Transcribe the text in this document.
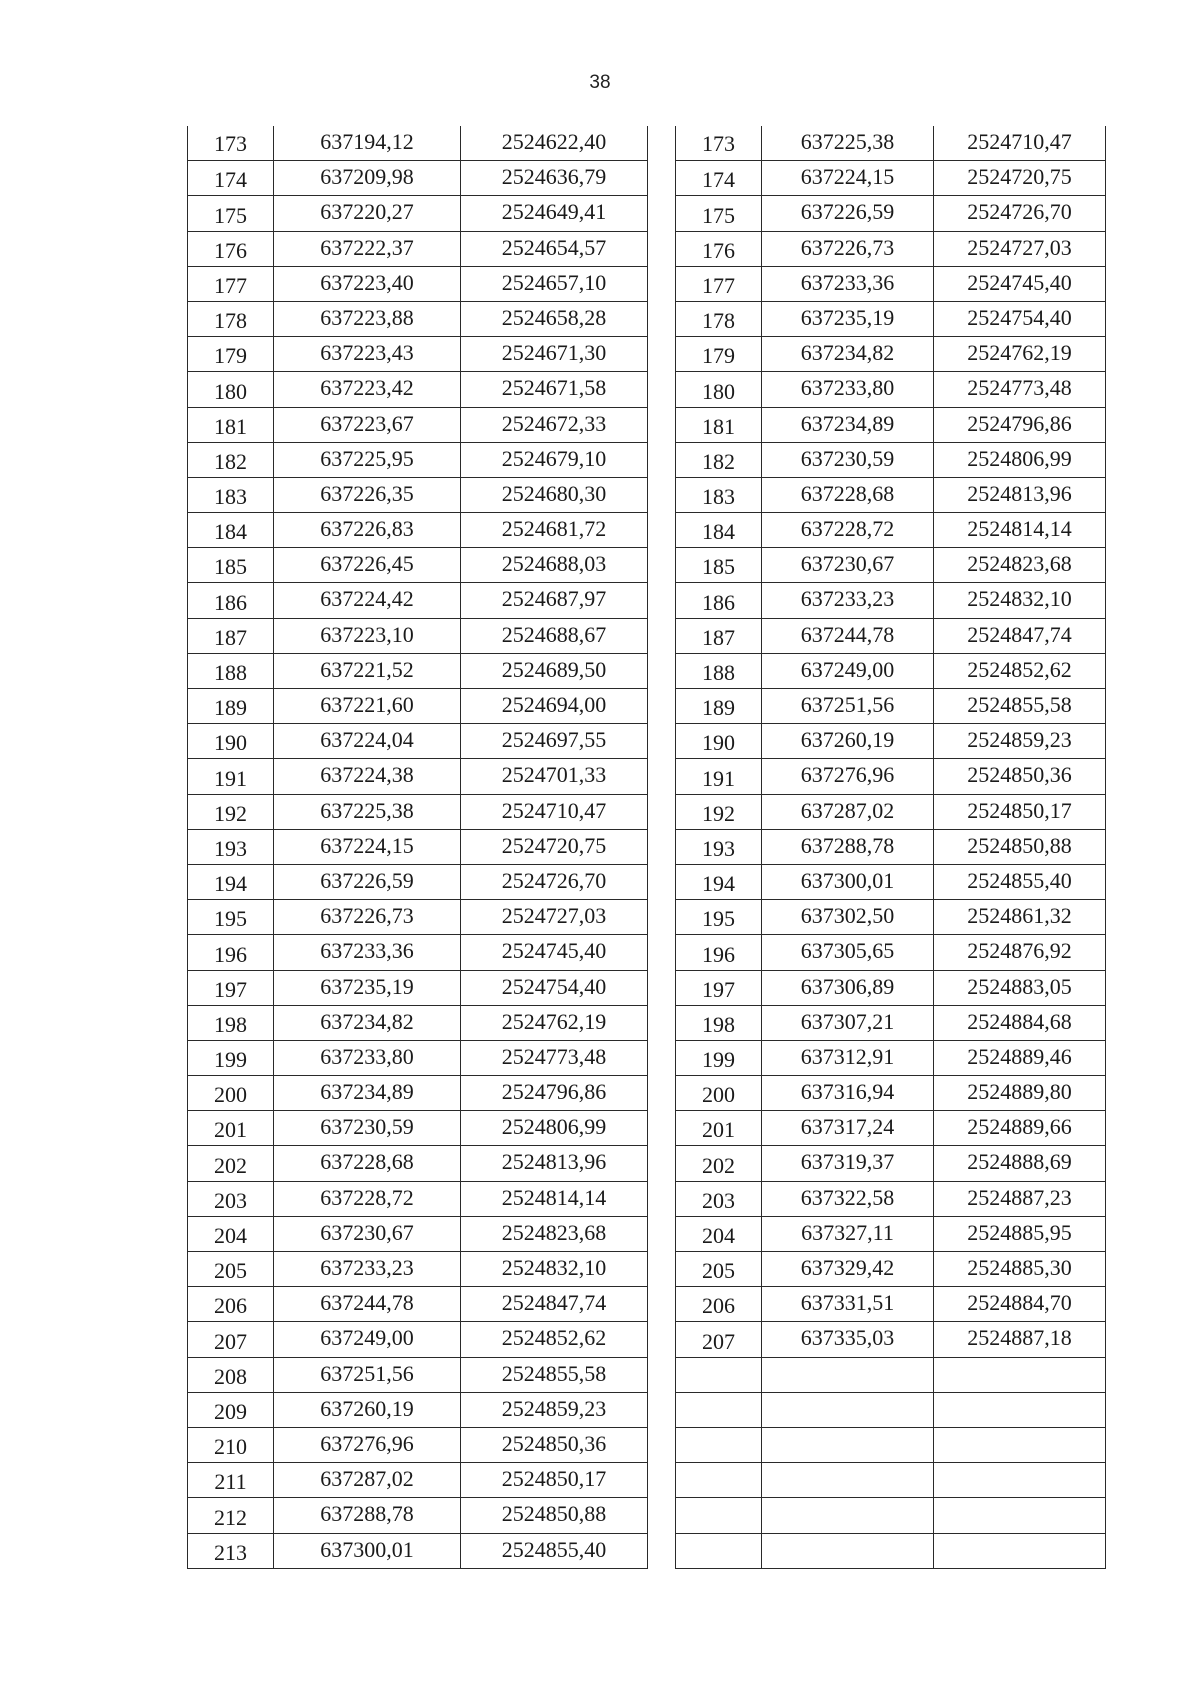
38
173	637194,12	2524622,40
174	637209,98	2524636,79
175	637220,27	2524649,41
176	637222,37	2524654,57
177	637223,40	2524657,10
178	637223,88	2524658,28
179	637223,43	2524671,30
180	637223,42	2524671,58
181	637223,67	2524672,33
182	637225,95	2524679,10
183	637226,35	2524680,30
184	637226,83	2524681,72
185	637226,45	2524688,03
186	637224,42	2524687,97
187	637223,10	2524688,67
188	637221,52	2524689,50
189	637221,60	2524694,00
190	637224,04	2524697,55
191	637224,38	2524701,33
192	637225,38	2524710,47
193	637224,15	2524720,75
194	637226,59	2524726,70
195	637226,73	2524727,03
196	637233,36	2524745,40
197	637235,19	2524754,40
198	637234,82	2524762,19
199	637233,80	2524773,48
200	637234,89	2524796,86
201	637230,59	2524806,99
202	637228,68	2524813,96
203	637228,72	2524814,14
204	637230,67	2524823,68
205	637233,23	2524832,10
206	637244,78	2524847,74
207	637249,00	2524852,62
208	637251,56	2524855,58
209	637260,19	2524859,23
210	637276,96	2524850,36
211	637287,02	2524850,17
212	637288,78	2524850,88
213	637300,01	2524855,40
173	637225,38	2524710,47
174	637224,15	2524720,75
175	637226,59	2524726,70
176	637226,73	2524727,03
177	637233,36	2524745,40
178	637235,19	2524754,40
179	637234,82	2524762,19
180	637233,80	2524773,48
181	637234,89	2524796,86
182	637230,59	2524806,99
183	637228,68	2524813,96
184	637228,72	2524814,14
185	637230,67	2524823,68
186	637233,23	2524832,10
187	637244,78	2524847,74
188	637249,00	2524852,62
189	637251,56	2524855,58
190	637260,19	2524859,23
191	637276,96	2524850,36
192	637287,02	2524850,17
193	637288,78	2524850,88
194	637300,01	2524855,40
195	637302,50	2524861,32
196	637305,65	2524876,92
197	637306,89	2524883,05
198	637307,21	2524884,68
199	637312,91	2524889,46
200	637316,94	2524889,80
201	637317,24	2524889,66
202	637319,37	2524888,69
203	637322,58	2524887,23
204	637327,11	2524885,95
205	637329,42	2524885,30
206	637331,51	2524884,70
207	637335,03	2524887,18
